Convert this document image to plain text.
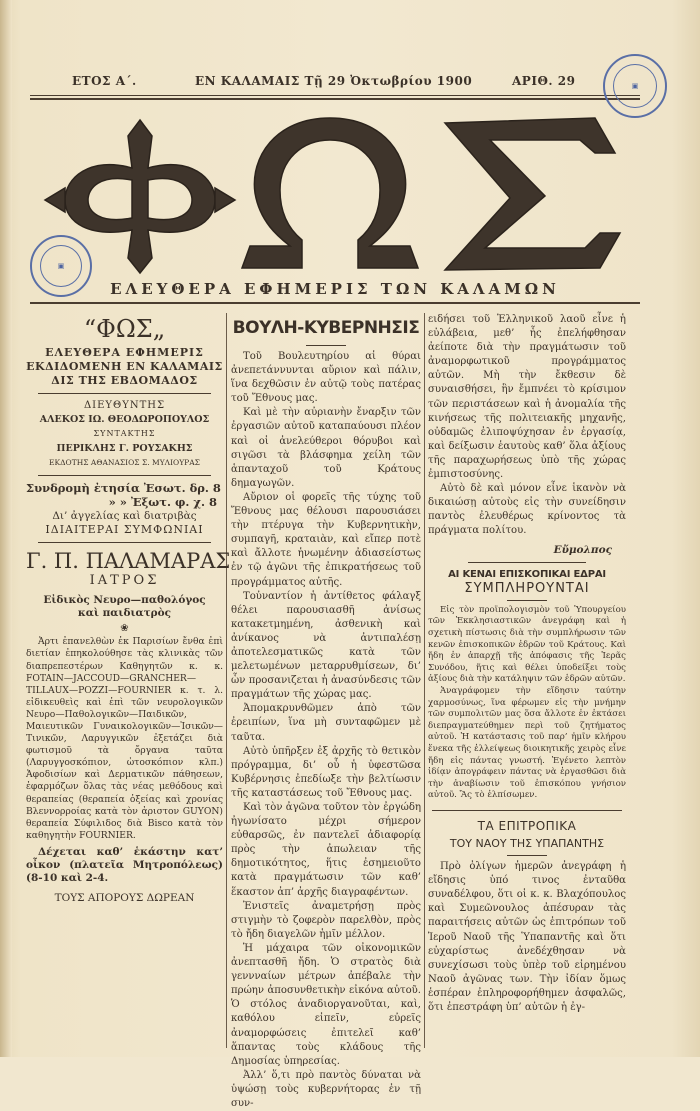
ΕΤΟΣ Α΄.	ΕΝ ΚΑΛΑΜΑΙΣ Τῇ 29 Ὀκτωβρίου 1900	ΑΡΙΘ. 29	▣
▣
ΕΛΕΥΘΕΡΑ ΕΦΗΜΕΡΙΣ ΤΩΝ ΚΑΛΑΜΩΝ
“ΦΩΣ„
ΕΛΕΥΘΕΡΑ ΕΦΗΜΕΡΙΣ
ΕΚΔΙΔΟΜΕΝΗ ΕΝ ΚΑΛΑΜΑΙΣ
ΔΙΣ ΤΗΣ ΕΒΔΟΜΑΔΟΣ
ΔΙΕΥΘΥΝΤΗΣ
ΑΛΕΚΟΣ ΙΩ. ΘΕΟΔΩΡΟΠΟΥΛΟΣ
ΣΥΝΤΑΚΤΗΣ
ΠΕΡΙΚΛΗΣ Γ. ΡΟΥΣΑΚΗΣ
ΕΚΔΟΤΗΣ ΑΘΑΝΑΣΙΟΣ Σ. ΜΥΛΙΟΥΡΑΣ
Συνδρομὴ ἐτησία Ἐσωτ. δρ. 8
» » Ἐξωτ. φ. χ. 8
Δι’ ἀγγελίας καὶ διατριβὰς
ΙΔΙΑΙΤΕΡΑΙ ΣΥΜΦΩΝΙΑΙ
Γ. Π. ΠΑΛΑΜΑΡΑΣ
ΙΑΤΡΟΣ
Εἰδικὸς Νευρο—παθολόγος καὶ παιδιατρὸς
❀
Ἀρτι ἐπανελθὼν ἐκ Παρισίων ἔνθα ἐπὶ διετίαν ἐπηκολούθησε τὰς κλινικὰς τῶν διαπρεπεστέρων Καθηγητῶν κ. κ. FOTAIN—JACCOUD—GRANCHER—TILLAUX—POZZI—FOURNIER κ. τ. λ. εἰδικευθεὶς καὶ ἐπὶ τῶν νευρολογικῶν Νευρο—Παθολογικῶν—Παιδικῶν, Μαιευτικῶν Γυναικολογικῶν—Ἰσικῶν—Τινικῶν, Λαρυγγικῶν ἐξετάζει διὰ φωτισμοῦ τὰ ὄργανα ταῦτα (Λαρυγγοσκόπιον, ὠτοσκόπιον κλπ.) Ἀφοδισίων καὶ Δερματικῶν πάθησεων, ἐφαρμόζων ὅλας τὰς νέας μεθόδους καὶ θεραπείας (θεραπεία ὀξείας καὶ χρονίας Βλεννορροίας κατὰ τὸν ἀριστον GUYON) θεραπεία Σύφιλιδος διὰ Bisco κατὰ τὸν καθηγητὴν FOURNIER.
Δέχεται καθ’ ἑκάστην κατ’ οἶκον (πλατεῖα Μητροπόλεως) (8-10 καὶ 2-4.
ΤΟΥΣ ΑΠΟΡΟΥΣ ΔΩΡΕΑΝ
ΒΟΥΛΗ-ΚΥΒΕΡΝΗΣΙΣ

Τοῦ Βουλευτηρίου αἱ θύραι ἀνεπετάννυνται αὔριον καὶ πάλιν, ἵνα δεχθῶσιν ἐν αὐτῷ τοὺς πατέρας τοῦ Ἔθνους μας.

Καὶ μὲ τὴν αὐριανὴν ἔναρξιν τῶν ἐργασιῶν αὐτοῦ καταπαύουσι πλέον καὶ οἱ ἀνελεύθεροι θόρυβοι καὶ σιγῶσι τὰ βλάσφημα χείλη τῶν ἁπανταχοῦ τοῦ Κράτους δημαγωγῶν.

Αὔριον οἱ φορεῖς τῆς τύχης τοῦ Ἔθνους μας θέλουσι παρουσιάσει τὴν πτέρυγα τὴν Κυβερνητικὴν, συμπαγῆ, κραταιὰν, καὶ εἴπερ ποτὲ καὶ ἄλλοτε ἡνωμένην ἀδιασείστως ἐν τῷ ἀγῶνι τῆς ἐπικρατήσεως τοῦ προγράμματος αὐτῆς.

Τοὐναντίον ἡ ἀντίθετος φάλαγξ θέλει παρουσιασθῆ ἀνίσως κατακετμημένη, ἀσθενικὴ καὶ ἀνίκανος νὰ ἀντιπαλέσῃ ἀποτελεσματικῶς κατὰ τῶν μελετωμένων μεταρρυθμίσεων, δι’ ὧν προσανιζεται ἡ ἀνασύνδεσις τῶν πραγμάτων τῆς χώρας μας.

Ἀπομακρυνθῶμεν ἀπὸ τῶν ἐρειπίων, ἵνα μὴ συνταφῶμεν μὲ ταῦτα.

Αὐτὸ ὑπῆρξεν ἐξ ἀρχῆς τὸ θετικὸν πρόγραμμα, δι’ οὗ ἡ ὑφεστῶσα Κυβέρνησις ἐπεδίωξε τὴν βελτίωσιν τῆς καταστάσεως τοῦ Ἔθνους μας.

Καὶ τὸν ἀγῶνα τοῦτον τὸν ἐργώδη ἠγωνίσατο μέχρι σήμερον εὐθαρσῶς, ἐν παντελεῖ ἀδιαφορίᾳ πρὸς τὴν ἀπωλειαν τῆς δημοτικότητος, ἥτις ἐσημειοῦτο κατὰ πραγμάτωσιν τῶν καθ’ ἕκαστον ἀπ’ ἀρχῆς διαγραφέντων.

Ἐνιστεῖς ἀναμετρήσῃ πρὸς στιγμὴν τὸ ζοφερὸν παρελθὸν, πρὸς τὸ ἤδη διαγελῶν ἡμῖν μέλλον.

Ἡ μάχαιρα τῶν οἰκονομικῶν ἀνεπτασθῆ ἤδη. Ὁ στρατὸς διὰ γεννναίων μέτρων ἀπέβαλε τὴν πρώην ἀποσυνθετικὴν εἰκόνα αὐτοῦ. Ὁ στόλος ἀναδιοργανοῦται, καὶ, καθόλου εἰπεῖν, εὐρεῖς ἀναμορφώσεις ἐπιτελεῖ καθ’ ἅπαντας τοὺς κλάδους τῆς Δημοσίας ὑπηρεσίας.

Ἀλλ’ ὅ,τι πρὸ παντὸς δύναται νὰ ὑψώσῃ τοὺς κυβερνήτορας ἐν τῇ συν-

ειδήσει τοῦ Ἑλληνικοῦ λαοῦ εἶνε ἡ εὐλάβεια, μεθ’ ἧς ἐπελήφθησαν ἀείποτε διὰ τὴν πραγμάτωσιν τοῦ ἀναμορφωτικοῦ προγράμματος αὐτῶν. Μὴ τὴν ἔκθεσιν δὲ συναισθήσει, ἣν ἔμπνέει τὸ κρίσιμον τῶν περιστάσεων καὶ ἡ ἀνομαλία τῆς κινήσεως τῆς πολιτειακῆς μηχανῆς, οὐδαμῶς ἐλιποψύχησαν ἐν ἐργασίᾳ, καὶ δείξωσιν ἑαυτοὺς καθ’ ὅλα ἀξίους τῆς παραχωρήσεως ὑπὸ τῆς χώρας ἐμπιστοσύνης.
Αὐτὸ δὲ καὶ μόνον εἶνε ἱκανὸν νὰ δικαιώσῃ αὐτοὺς εἰς τὴν συνείδησιν παντὸς ἐλευθέρως κρίνοντος τὰ πράγματα πολίτου.
Εὔμολπος
ΑΙ ΚΕΝΑΙ ΕΠΙΣΚΟΠΙΚΑΙ ΕΔΡΑΙ
ΣΥΜΠΛΗΡΟΥΝΤΑΙ
Εἰς τὸν προϊπολογισμὸν τοῦ Ὑπουργείου τῶν Ἐκκλησιαστικῶν ἀνεγράφη καὶ ἡ σχετικὴ πίστωσις διὰ τὴν συμπλήρωσιν τῶν κενῶν ἐπισκοπικῶν ἑδρῶν τοῦ Κράτους. Καὶ ἤδη ἐν ἀπαρχῇ τῆς ἀπόφασις τῆς Ἱερᾶς Συνόδου, ἥτις καὶ θέλει ὑποδείξει τοὺς ἀξίους διὰ τὴν κατάληψιν τῶν ἑδρῶν αὐτῶν.
Ἀναγράφομεν τὴν εἴδησιν ταύτην χαρμοσύνως, ἵνα φέρωμεν εἰς τὴν μνήμην τῶν συμπολιτῶν μας ὅσα ἄλλοτε ἐν ἐκτάσει διεπραγματεύθημεν περὶ τοῦ ζητήματος αὐτοῦ. Ἡ κατάστασις τοῦ παρ’ ἡμῖν κλήρου ἕνεκα τῆς ἐλλείψεως διοικητικῆς χειρὸς εἶνε ἤδη εἰς πάντας γνωστή. Ἐγένετο λεπτὸν ἰδίᾳν ἀπογράφειν πάντας νὰ ἐργασθῶσι διὰ τὴν ἀναβίωσιν τοῦ ἐπισκόπου γνήσιον αὐτοῦ. Ἂς τὸ ἐλπίσωμεν.
ΤΑ ΕΠΙΤΡΟΠΙΚΑ
ΤΟΥ ΝΑΟΥ ΤΗΣ ΥΠΑΠΑΝΤΗΣ
Πρὸ ὀλίγων ἡμερῶν ἀνεγράφη ἡ εἴδησις ὑπό τινος ἐνταῦθα συναδέλφου, ὅτι οἱ κ. κ. Βλαχόπουλος καὶ Συμεῶνουλος ἀπέσυραν τὰς παραιτήσεις αὐτῶν ὡς ἐπιτρόπων τοῦ Ἱεροῦ Ναοῦ τῆς Ὑπαπαντῆς καὶ ὅτι εὐχαρίστως ἀνεδέχθησαν νὰ συνεχίσωσι τοὺς ὑπὲρ τοῦ εἰρημένου Ναοῦ ἀγῶνας των. Τὴν ἰδίαν ὅμως ἑσπέραν ἐπληροφορήθημεν ἀσφαλῶς, ὅτι ἐπεστράφη ὑπ’ αὐτῶν ἡ ἐγ-
